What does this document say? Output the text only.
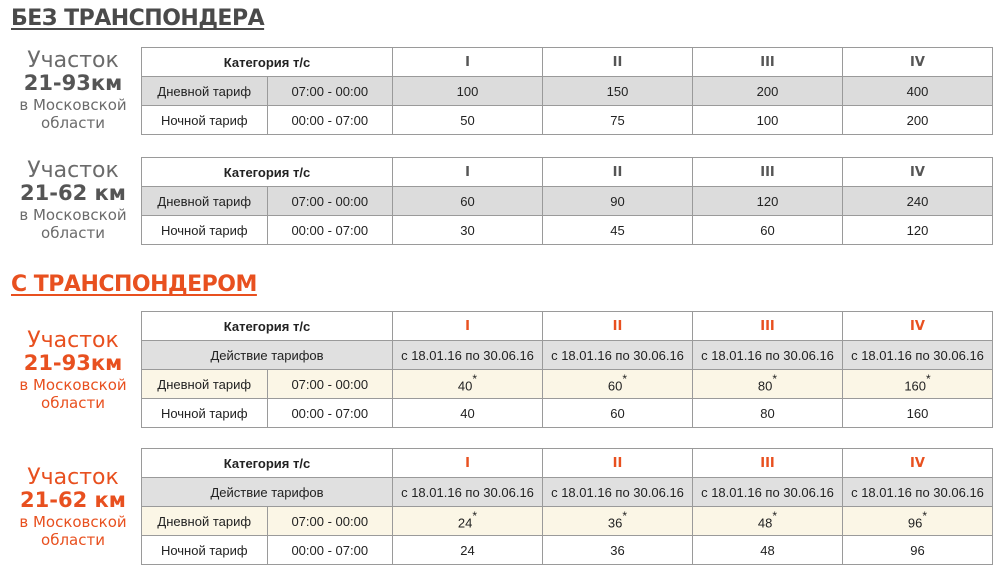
БЕЗ ТРАНСПОНДЕРА
Участок
21-93км
в Московской
области
Категория т/с		I	II	III	IV
Дневной тариф	07:00 - 00:00	100	150	200	400
Ночной тариф	00:00 - 07:00	50	75	100	200
Участок
21-62 км
в Московской
области
Категория т/с		I	II	III	IV
Дневной тариф	07:00 - 00:00	60	90	120	240
Ночной тариф	00:00 - 07:00	30	45	60	120
С ТРАНСПОНДЕРОМ
Участок
21-93км
в Московской
области
Категория т/с		I	II	III	IV
Действие тарифов		с 18.01.16 по 30.06.16	с 18.01.16 по 30.06.16	с 18.01.16 по 30.06.16	с 18.01.16 по 30.06.16
Дневной тариф	07:00 - 00:00	40*	60*	80*	160*
Ночной тариф	00:00 - 07:00	40	60	80	160
Участок
21-62 км
в Московской
области
Категория т/с		I	II	III	IV
Действие тарифов		с 18.01.16 по 30.06.16	с 18.01.16 по 30.06.16	с 18.01.16 по 30.06.16	с 18.01.16 по 30.06.16
Дневной тариф	07:00 - 00:00	24*	36*	48*	96*
Ночной тариф	00:00 - 07:00	24	36	48	96
